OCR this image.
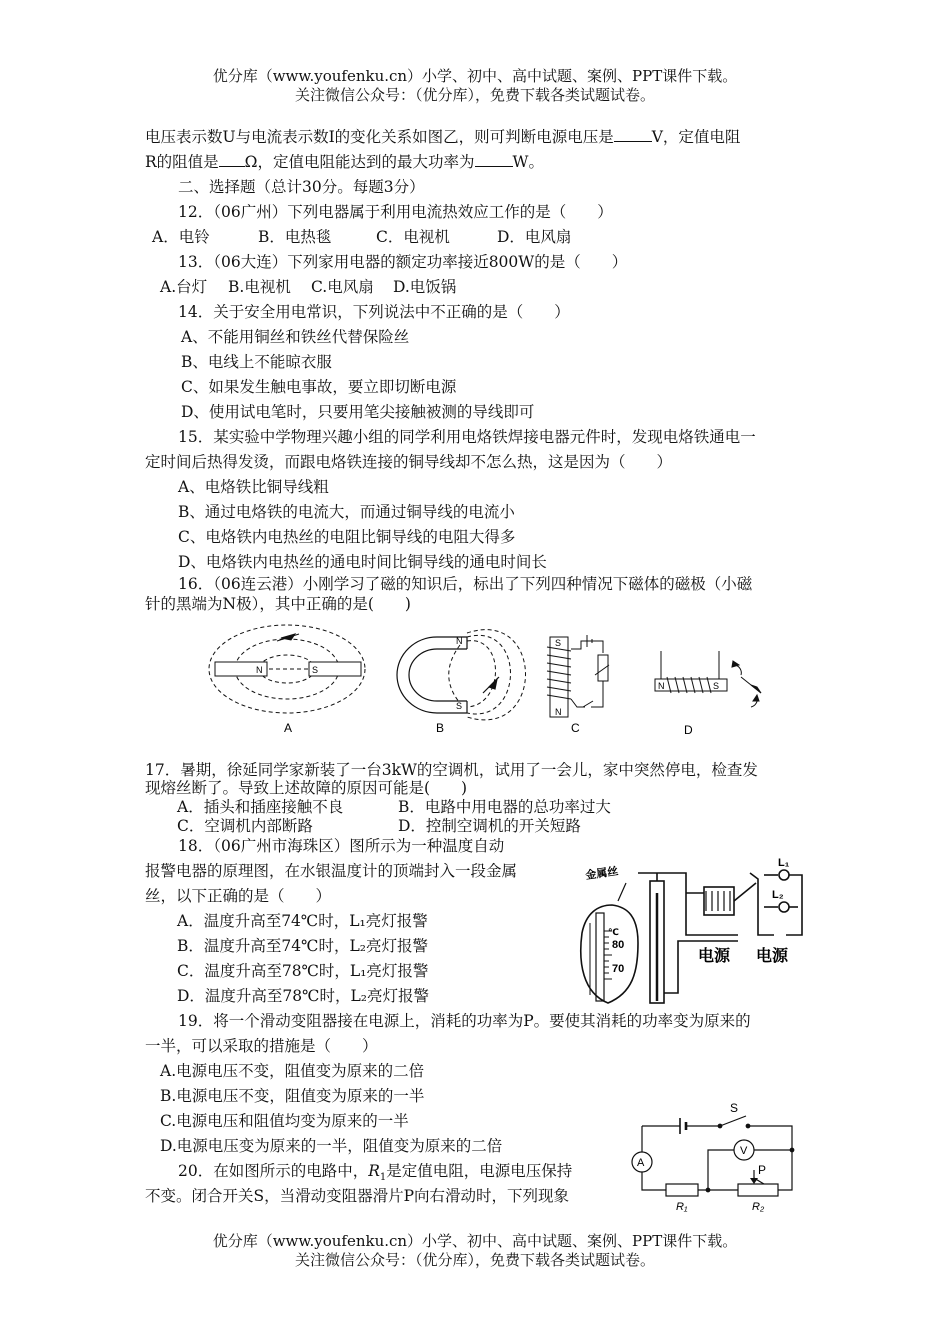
优分库（www.youfenku.cn）小学、初中、高中试题、案例、PPT课件下载。
关注微信公众号：（优分库），免费下载各类试题试卷。
电压表示数U与电流表示数I的变化关系如图乙，则可判断电源电压是 V，定值电阻
R的阻值是 Ω，定值电阻能达到的最大功率为 W。
二、选择题（总计30分。每题3分）
12．（06广州）下列电器属于利用电流热效应工作的是（　　）
A．电铃	B．电热毯	C．电视机	D．电风扇
13．（06大连）下列家用电器的额定功率接近800W的是（　　）
A.台灯 B.电视机 C.电风扇 D.电饭锅
14．关于安全用电常识，下列说法中不正确的是（　　）
A、不能用铜丝和铁丝代替保险丝
B、电线上不能晾衣服
C、如果发生触电事故，要立即切断电源
D、使用试电笔时，只要用笔尖接触被测的导线即可
15．某实验中学物理兴趣小组的同学利用电烙铁焊接电器元件时，发现电烙铁通电一
定时间后热得发烫，而跟电烙铁连接的铜导线却不怎么热，这是因为（　　）
A、电烙铁比铜导线粗
B、通过电烙铁的电流大，而通过铜导线的电流小
C、电烙铁内电热丝的电阻比铜导线的电阻大得多
D、电烙铁内电热丝的通电时间比铜导线的通电时间长
16．（06连云港）小刚学习了磁的知识后，标出了下列四种情况下磁体的磁极（小磁
针的黑端为N极），其中正确的是(　　)
N	S
A
N
S
B
S
N
C
N	S
D
17．暑期，徐延同学家新装了一台3kW的空调机，试用了一会儿，家中突然停电，检查发
现熔丝断了。导致上述故障的原因可能是(　　)
A．插头和插座接触不良	B．电路中用电器的总功率过大
C．空调机内部断路	D．控制空调机的开关短路
18．（06广州市海珠区）图所示为一种温度自动
报警电器的原理图，在水银温度计的顶端封入一段金属
丝，以下正确的是（　　）
A．温度升高至74℃时，L₁亮灯报警
B．温度升高至74℃时，L₂亮灯报警
C．温度升高至78℃时，L₁亮灯报警
D．温度升高至78℃时，L₂亮灯报警
金属丝
℃
80
70
电源 电源
L₁
L₂
19．将一个滑动变阻器接在电源上，消耗的功率为P。要使其消耗的功率变为原来的
一半，可以采取的措施是（　　）
A.电源电压不变，阻值变为原来的二倍
B.电源电压不变，阻值变为原来的一半
C.电源电压和阻值均变为原来的一半
D.电源电压变为原来的一半，阻值变为原来的二倍
20．在如图所示的电路中，$R_1$是定值电阻，电源电压保持
不变。闭合开关S，当滑动变阻器滑片P向右滑动时，下列现象
S
V
A	P
R₁	R₂
优分库（www.youfenku.cn）小学、初中、高中试题、案例、PPT课件下载。
关注微信公众号：（优分库），免费下载各类试题试卷。
